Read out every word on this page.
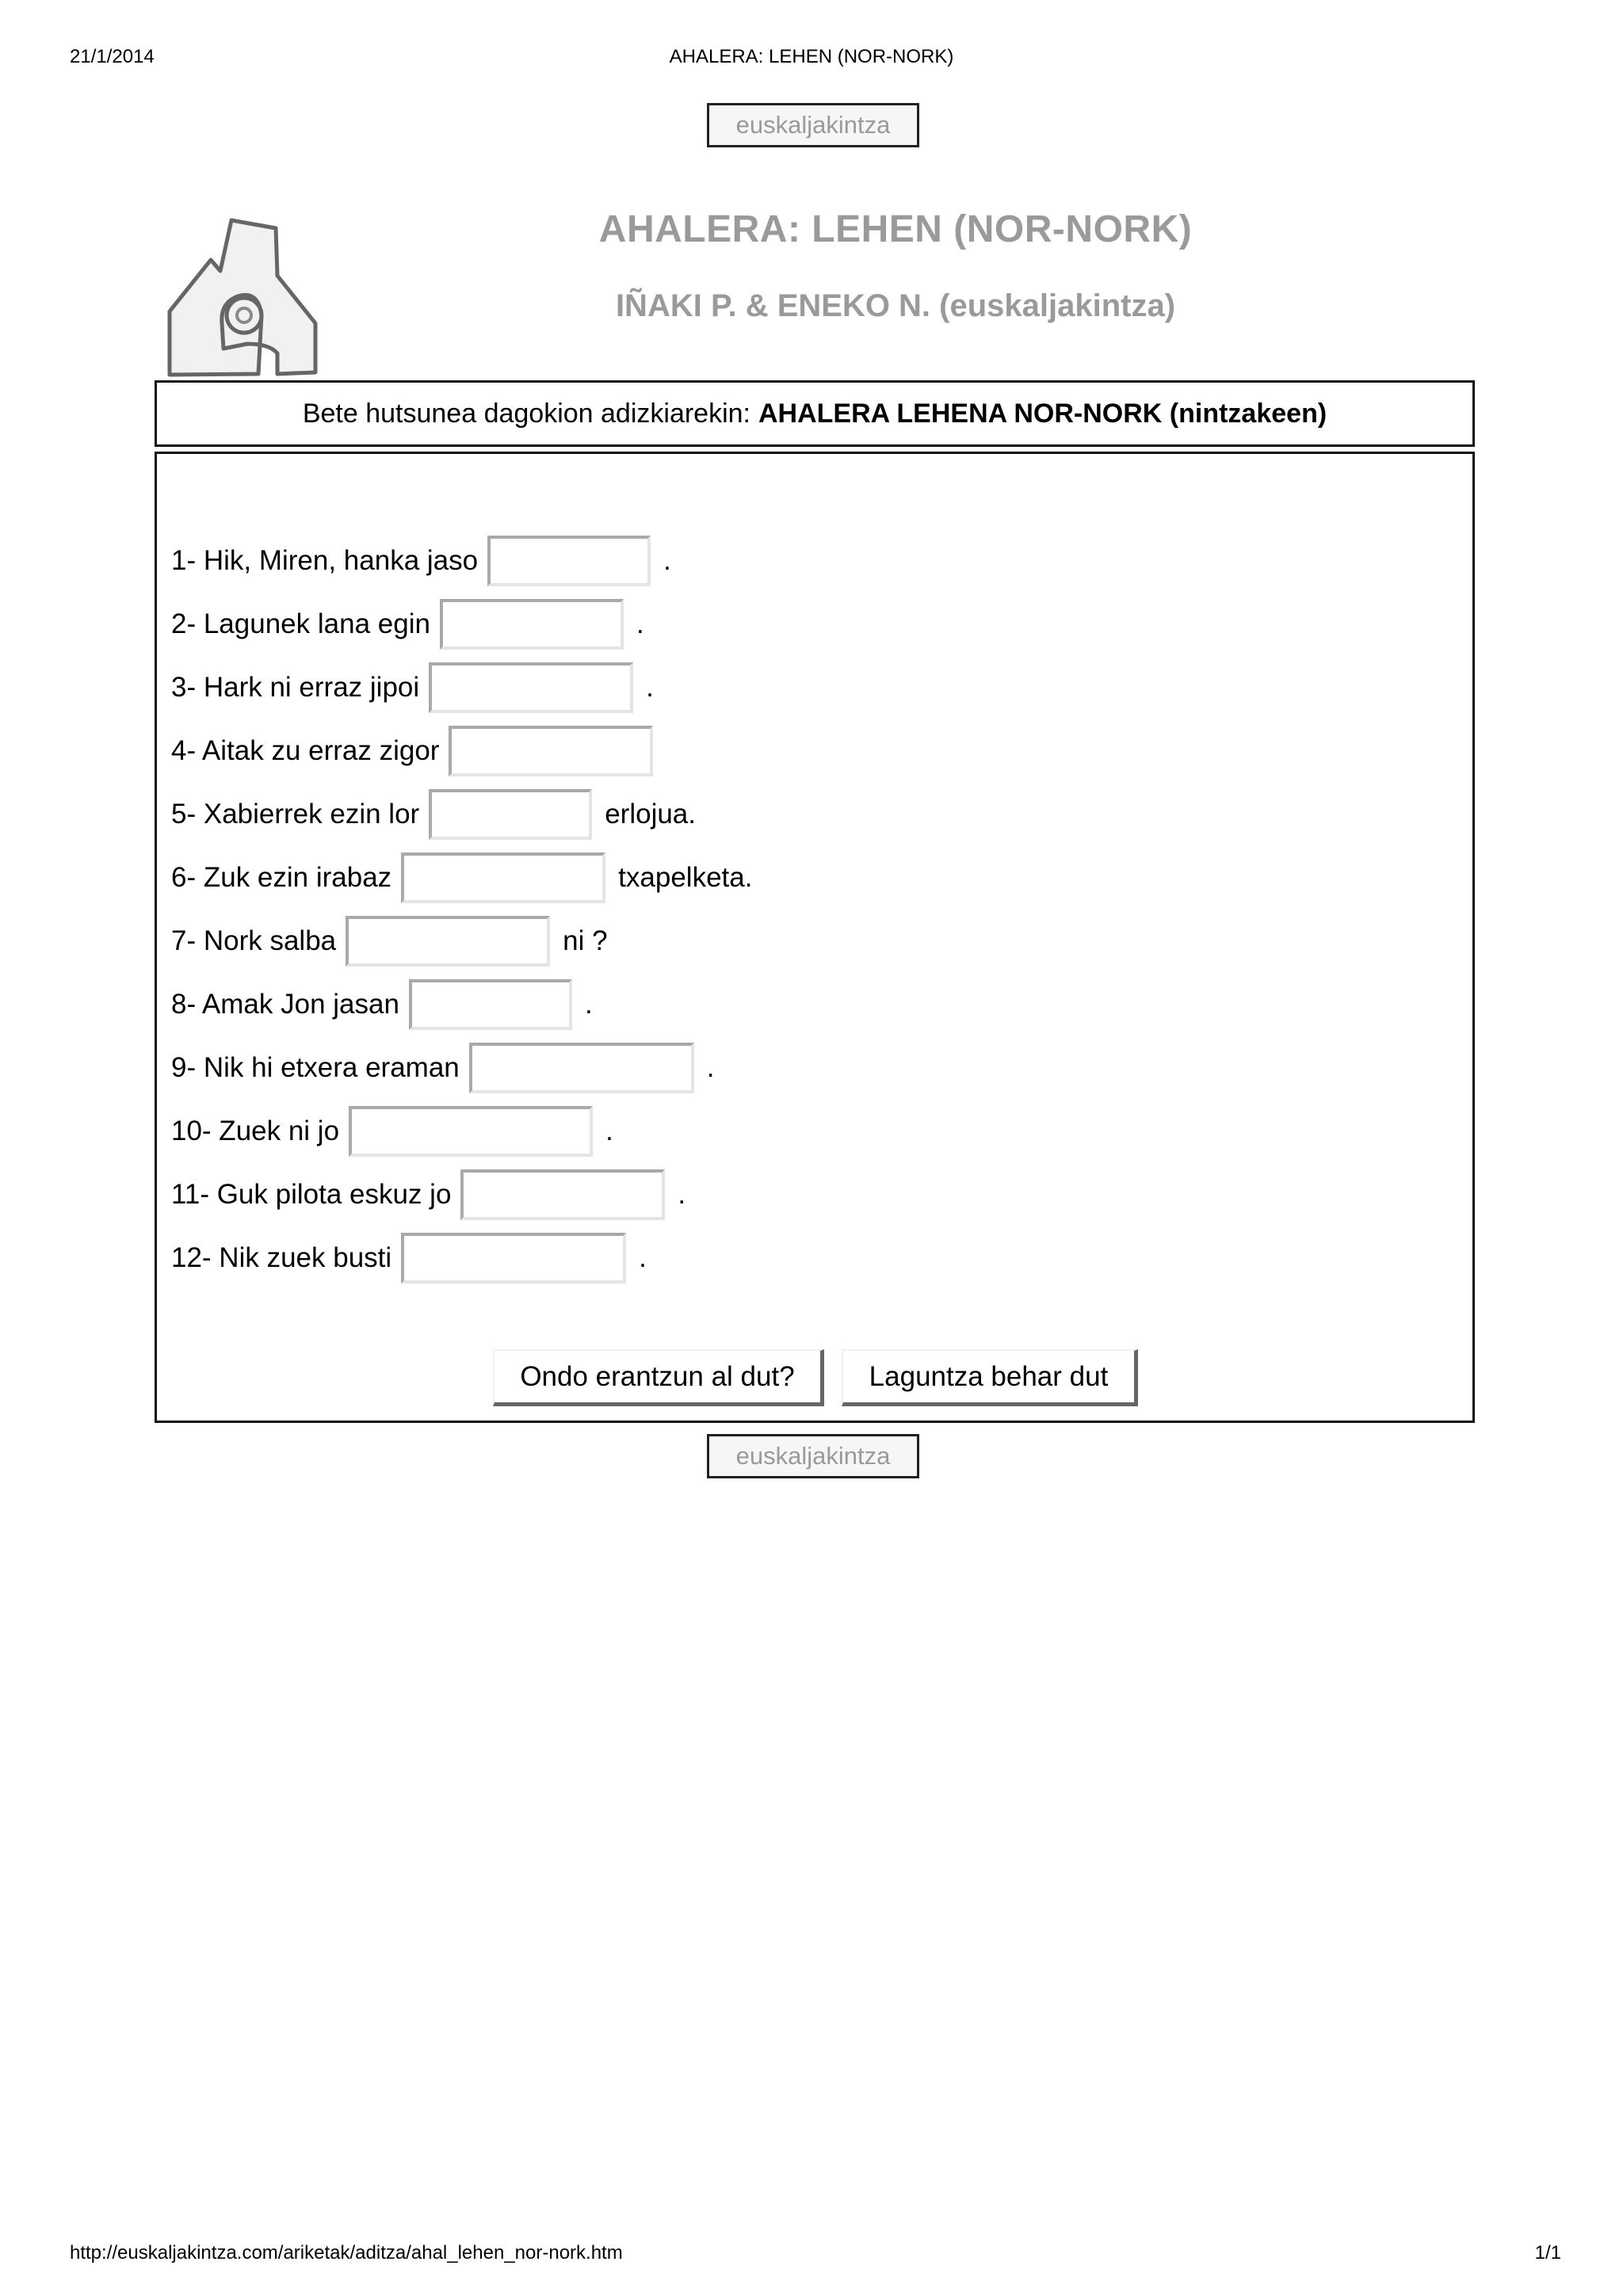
21/1/2014	AHALERA: LEHEN (NOR-NORK)
euskaljakintza
AHALERA: LEHEN (NOR-NORK)
IÑAKI P. & ENEKO N. (euskaljakintza)
Bete hutsunea dagokion adizkiarekin: AHALERA LEHENA NOR-NORK (nintzakeen)
1- Hik, Miren, hanka jaso	.
2- Lagunek lana egin	.
3- Hark ni erraz jipoi	.
4- Aitak zu erraz zigor
5- Xabierrek ezin lor	erlojua.
6- Zuk ezin irabaz	txapelketa.
7- Nork salba	ni ?
8- Amak Jon jasan	.
9- Nik hi etxera eraman	.
10- Zuek ni jo	.
11- Guk pilota eskuz jo	.
12- Nik zuek busti	.
Ondo erantzun al dut?	Laguntza behar dut
euskaljakintza
http://euskaljakintza.com/ariketak/aditza/ahal_lehen_nor-nork.htm	1/1
